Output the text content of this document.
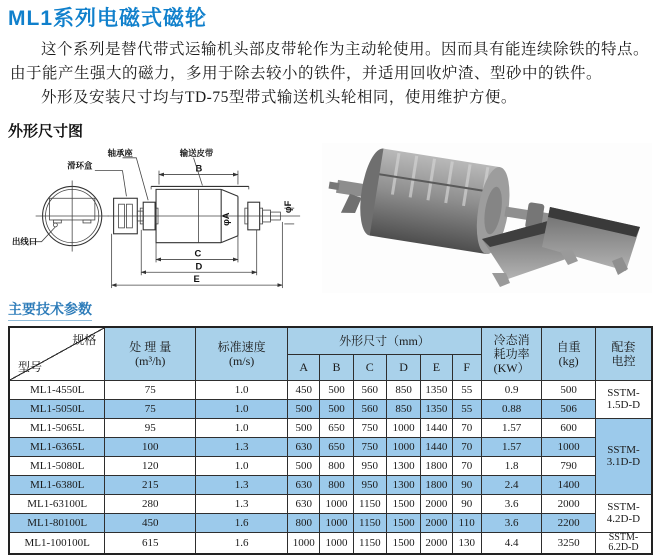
ML1系列电磁式磁轮
这个系列是替代带式运输机头部皮带轮作为主动轮使用。因而具有能连续除铁的特点。由于能产生强大的磁力，多用于除去较小的铁件，并适用回收炉渣、型砂中的铁件。
外形及安装尺寸均与TD-75型带式输送机头轮相同，使用维护方便。
外形尺寸图
出线口
φF
φA
B
C
D
E
滑环盒
轴承座	输送皮带
主要技术参数
规格
型号

处 理 量
(m³/h)

标准速度
(m/s)
	外形尺寸（mm）	冷态消
耗功率
(KW）

自重
(kg)

配套
电控

			A	B	C	D	E	F			
ML1-4550L	75	1.0	450	500	560	850	1350	55	0.9	500	SSTM-
1.5D-D

ML1-5050L	75	1.0	500	500	560	850	1350	55	0.88	506	
ML1-5065L	95	1.0	500	650	750	1000	1440	70	1.57	600	SSTM-
3.1D-D

ML1-6365L	100	1.3	630	650	750	1000	1440	70	1.57	1000	
ML1-5080L	120	1.0	500	800	950	1300	1800	70	1.8	790	
ML1-6380L	215	1.3	630	800	950	1300	1800	90	2.4	1400	
ML1-63100L	280	1.3	630	1000	1150	1500	2000	90	3.6	2000	SSTM-
4.2D-D

ML1-80100L	450	1.6	800	1000	1150	1500	2000	110	3.6	2200	
ML1-100100L	615	1.6	1000	1000	1150	1500	2000	130	4.4	3250	SSTM-
6.2D-D
